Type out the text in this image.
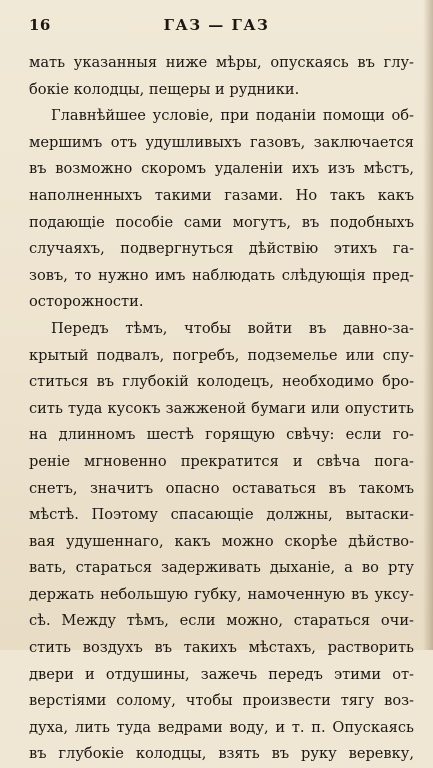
16	ГАЗ — ГАЗ
мать указанныя ниже мѣры, опускаясь въ глу-
бокіе колодцы, пещеры и рудники.
Главнѣйшее условіе, при поданіи помощи об-
мершимъ отъ удушливыхъ газовъ, заключается
въ возможно скоромъ удаленіи ихъ изъ мѣстъ,
наполненныхъ такими газами. Но такъ какъ
подающіе пособіе сами могутъ, въ подобныхъ
случаяхъ, подвергнуться дѣйствію этихъ га-
зовъ, то нужно имъ наблюдать слѣдующія пред-
осторожности.
Передъ тѣмъ, чтобы войти въ давно-за-
крытый подвалъ, погребъ, подземелье или спу-
ститься въ глубокій колодецъ, необходимо бро-
сить туда кусокъ зажженой бумаги или опустить
на длинномъ шестѣ горящую свѣчу: если го-
реніе мгновенно прекратится и свѣча пога-
снетъ, значитъ опасно оставаться въ такомъ
мѣстѣ. Поэтому спасающіе должны, вытаски-
вая удушеннаго, какъ можно скорѣе дѣйство-
вать, стараться задерживать дыханіе, а во рту
держать небольшую губку, намоченную въ уксу-
сѣ. Между тѣмъ, если можно, стараться очи-
стить воздухъ въ такихъ мѣстахъ, растворить
двери и отдушины, зажечь передъ этими от-
верстіями солому, чтобы произвести тягу воз-
духа, лить туда ведрами воду, и т. п. Опускаясь
въ глубокіе колодцы, взять въ руку веревку,
